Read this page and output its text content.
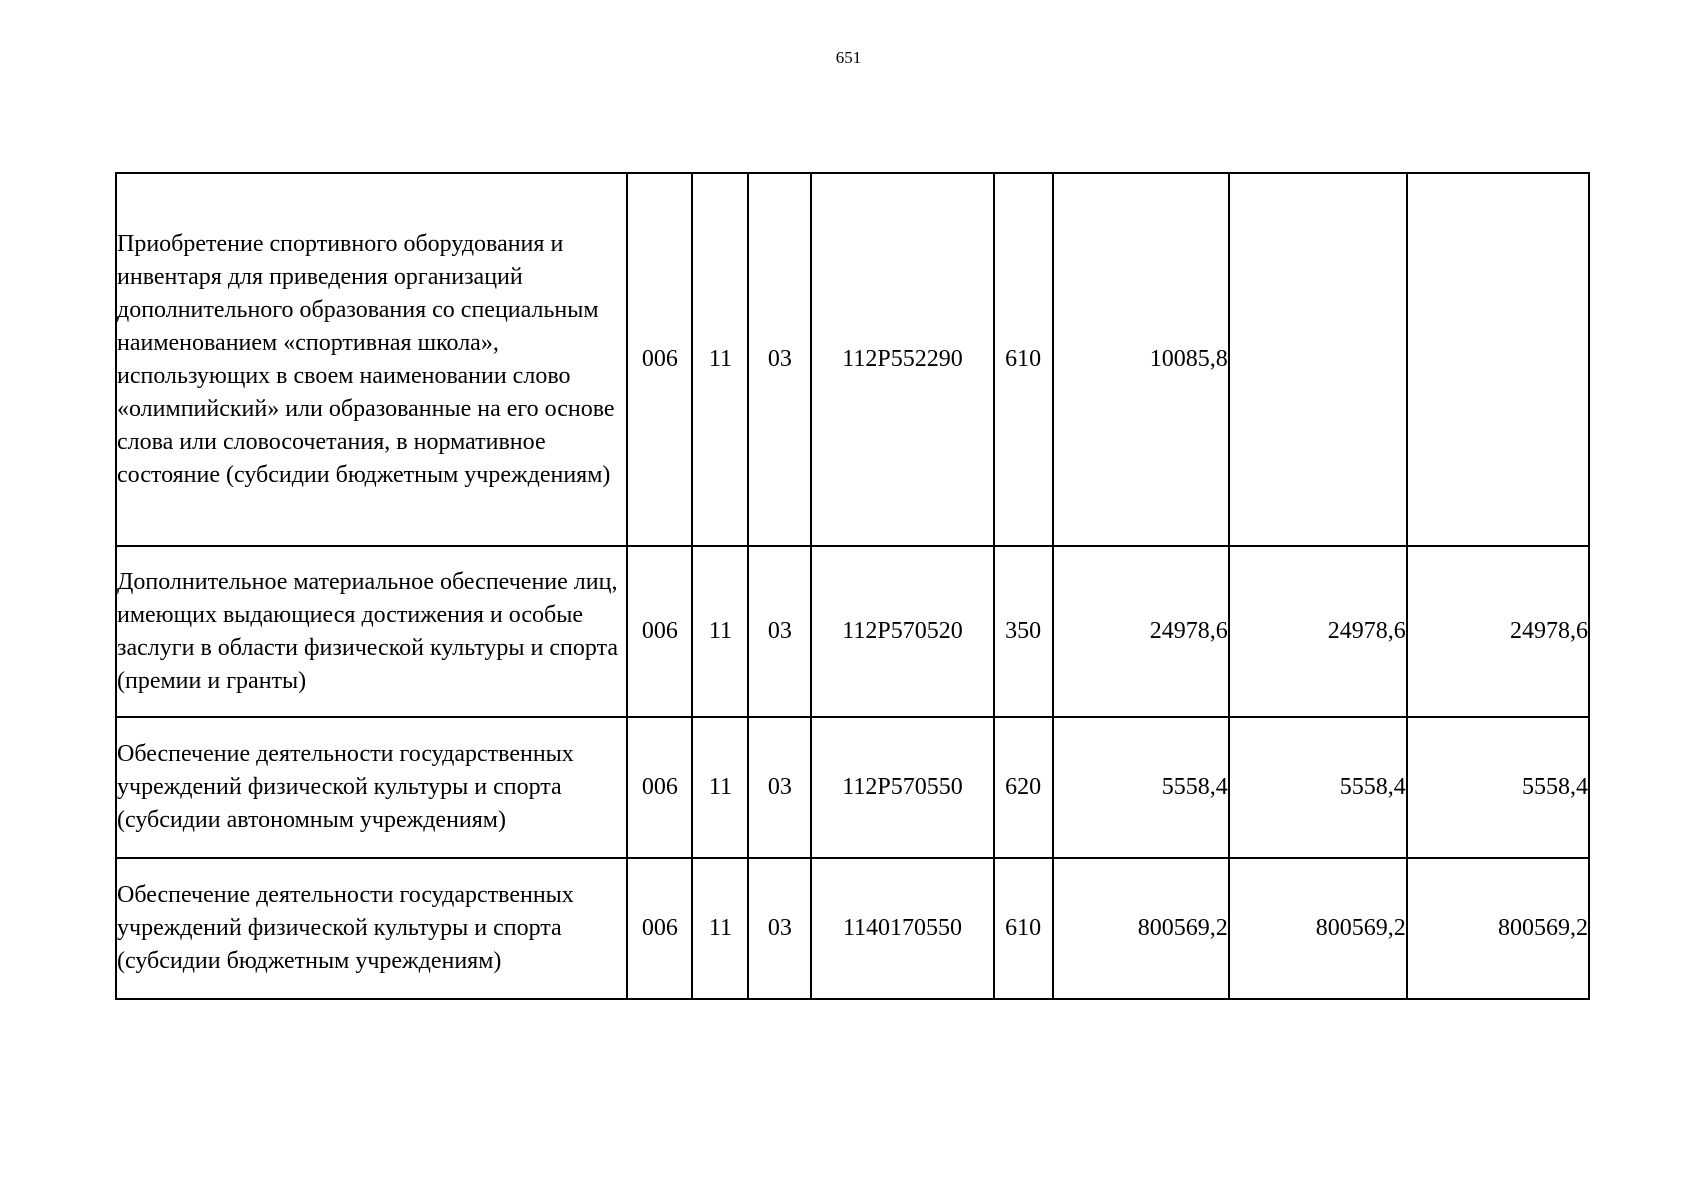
651
Приобретение спортивного оборудования и инвентаря для приведения организаций дополнительного образования со специальным наименованием «спортивная школа», использующих в своем наименовании слово «олимпийский» или образованные на его основе слова или словосочетания, в нормативное состояние (субсидии бюджетным учреждениям)	006	11	03	112P552290	610	10085,8		
Дополнительное материальное обеспечение лиц, имеющих выдающиеся достижения и особые заслуги в области физической культуры и спорта (премии и гранты)	006	11	03	112P570520	350	24978,6	24978,6	24978,6
Обеспечение деятельности государственных учреждений физической культуры и спорта (субсидии автономным учреждениям)	006	11	03	112P570550	620	5558,4	5558,4	5558,4
Обеспечение деятельности государственных учреждений физической культуры и спорта (субсидии бюджетным учреждениям)	006	11	03	1140170550	610	800569,2	800569,2	800569,2
